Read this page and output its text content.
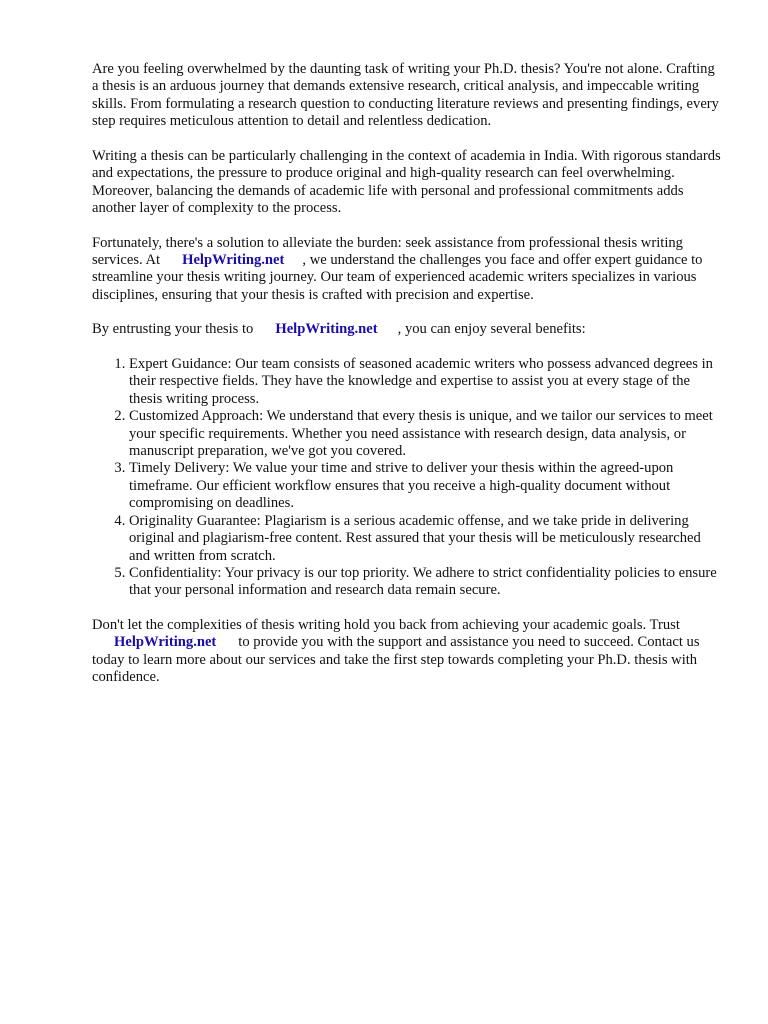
Are you feeling overwhelmed by the daunting task of writing your Ph.D. thesis? You're not alone. Crafting a thesis is an arduous journey that demands extensive research, critical analysis, and impeccable writing skills. From formulating a research question to conducting literature reviews and presenting findings, every step requires meticulous attention to detail and relentless dedication.

Writing a thesis can be particularly challenging in the context of academia in India. With rigorous standards and expectations, the pressure to produce original and high-quality research can feel overwhelming. Moreover, balancing the demands of academic life with personal and professional commitments adds another layer of complexity to the process.

Fortunately, there's a solution to alleviate the burden: seek assistance from professional thesis writing services. At HelpWriting.net , we understand the challenges you face and offer expert guidance to streamline your thesis writing journey. Our team of experienced academic writers specializes in various disciplines, ensuring that your thesis is crafted with precision and expertise.

By entrusting your thesis to HelpWriting.net , you can enjoy several benefits:

1. Expert Guidance: Our team consists of seasoned academic writers who possess advanced degrees in their respective fields. They have the knowledge and expertise to assist you at every stage of the thesis writing process.
2. Customized Approach: We understand that every thesis is unique, and we tailor our services to meet your specific requirements. Whether you need assistance with research design, data analysis, or manuscript preparation, we've got you covered.
3. Timely Delivery: We value your time and strive to deliver your thesis within the agreed-upon timeframe. Our efficient workflow ensures that you receive a high-quality document without compromising on deadlines.
4. Originality Guarantee: Plagiarism is a serious academic offense, and we take pride in delivering original and plagiarism-free content. Rest assured that your thesis will be meticulously researched and written from scratch.
5. Confidentiality: Your privacy is our top priority. We adhere to strict confidentiality policies to ensure that your personal information and research data remain secure.

Don't let the complexities of thesis writing hold you back from achieving your academic goals. Trust HelpWriting.net to provide you with the support and assistance you need to succeed. Contact us today to learn more about our services and take the first step towards completing your Ph.D. thesis with confidence.
